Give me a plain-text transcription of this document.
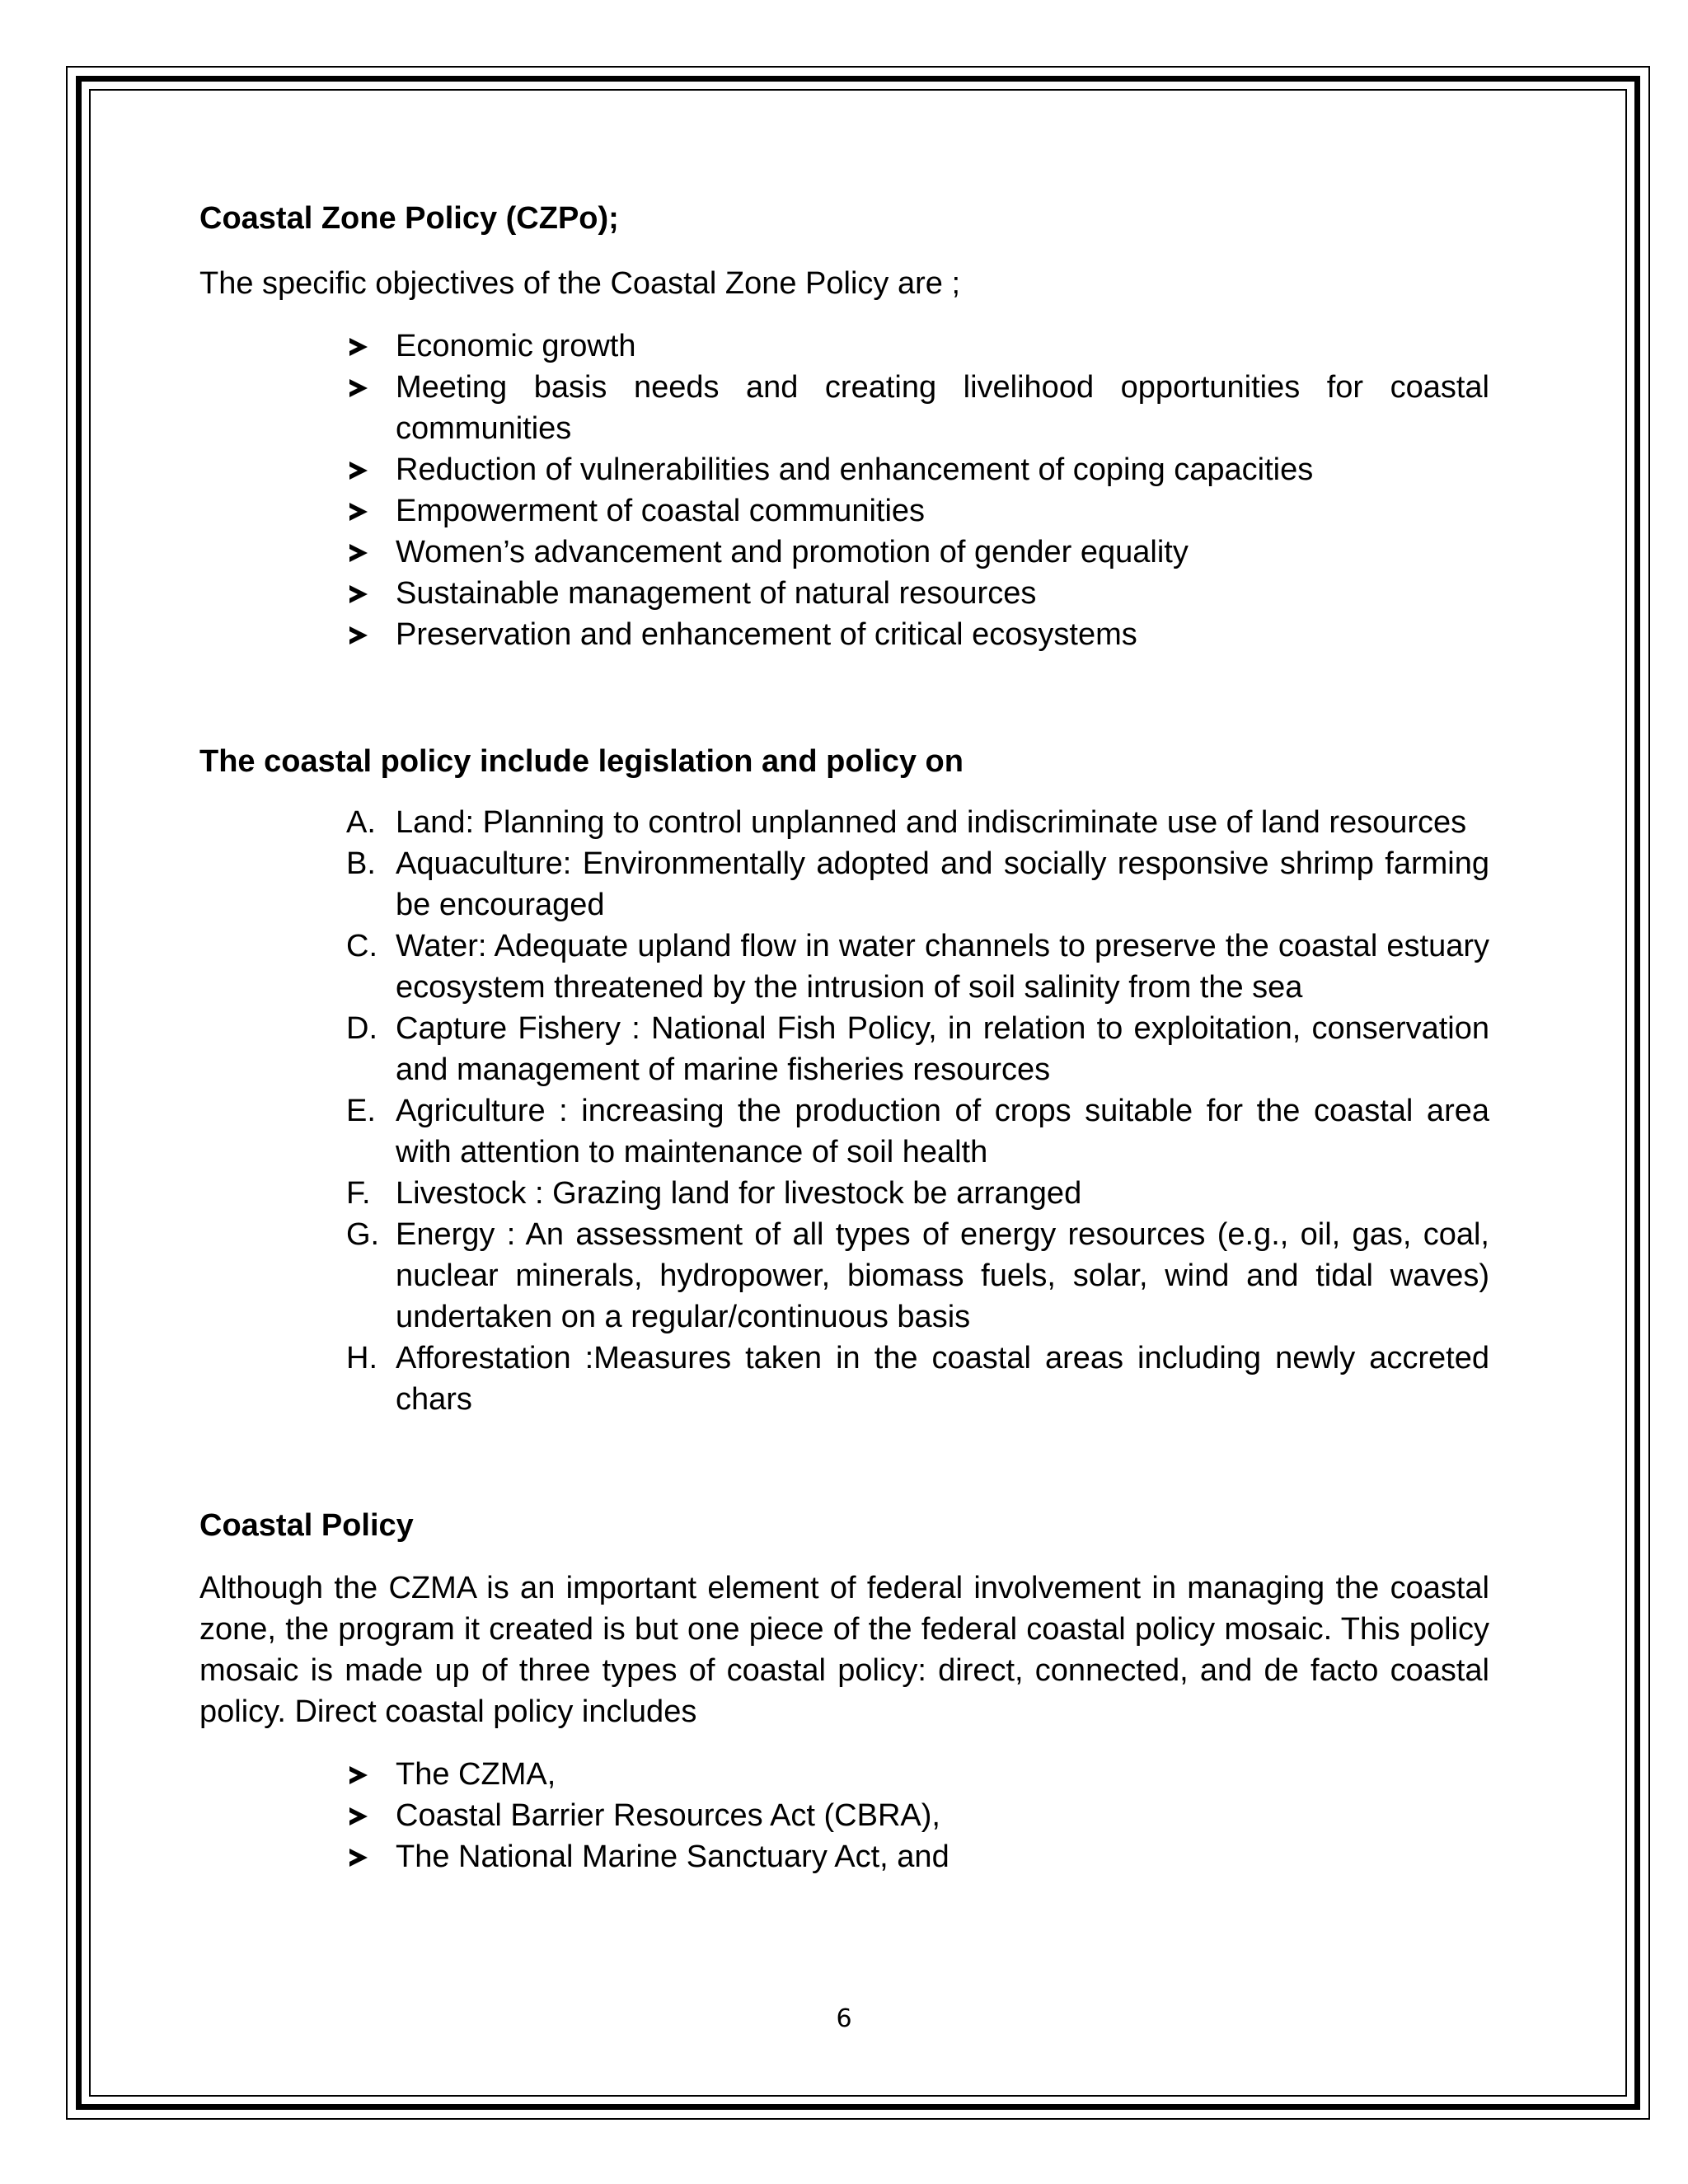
Coastal Zone Policy (CZPo);

The specific objectives of the Coastal Zone Policy are ;

Economic growth
Meeting basis needs and creating livelihood opportunities for coastal communities
Reduction of vulnerabilities and enhancement of coping capacities
Empowerment of coastal communities
Women’s advancement and promotion of gender equality
Sustainable management of natural resources
Preservation and enhancement of critical ecosystems

The coastal policy include legislation and policy on

A. Land: Planning to control unplanned and indiscriminate use of land resources
B. Aquaculture: Environmentally adopted and socially responsive shrimp farming be encouraged
C. Water: Adequate upland flow in water channels to preserve the coastal estuary ecosystem threatened by the intrusion of soil salinity from the sea
D. Capture Fishery : National Fish Policy, in relation to exploitation, conservation and management of marine fisheries resources
E. Agriculture : increasing the production of crops suitable for the coastal area with attention to maintenance of soil health
F. Livestock : Grazing land for livestock be arranged
G. Energy : An assessment of all types of energy resources (e.g., oil, gas, coal, nuclear minerals, hydropower, biomass fuels, solar, wind and tidal waves) undertaken on a regular/continuous basis
H. Afforestation :Measures taken in the coastal areas including newly accreted chars

Coastal Policy

Although the CZMA is an important element of federal involvement in managing the coastal zone, the program it created is but one piece of the federal coastal policy mosaic. This policy mosaic is made up of three types of coastal policy: direct, connected, and de facto coastal policy. Direct coastal policy includes

The CZMA,
Coastal Barrier Resources Act (CBRA),
The National Marine Sanctuary Act, and
6
